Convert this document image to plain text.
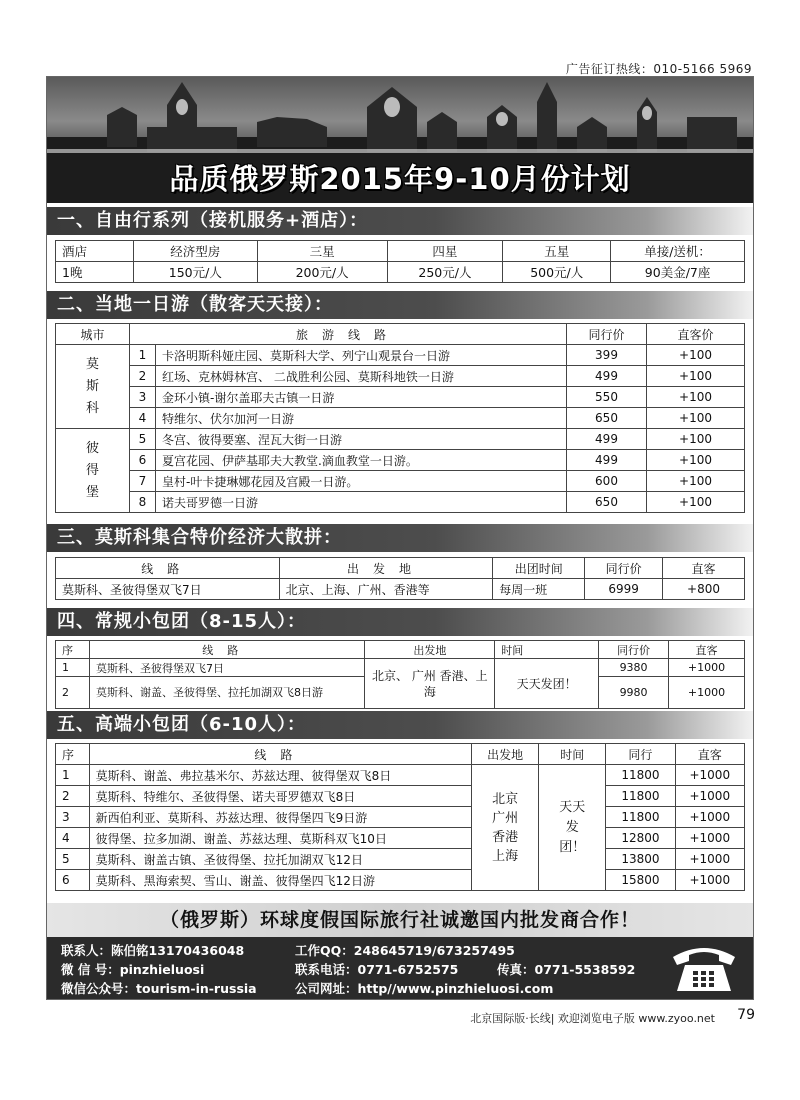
广告征订热线：010-5166 5969
品质俄罗斯2015年9-10月份计划
一、自由行系列（接机服务+酒店）：
酒店	经济型房	三星	四星	五星	单接/送机：
1晚	150元/人	200元/人	250元/人	500元/人	90美金/7座
二、当地一日游（散客天天接）：
城市	旅游线路		同行价	直客价
莫斯科	1	卡洛明斯科娅庄园、莫斯科大学、列宁山观景台一日游	399	+100
	2	红场、克林姆林宫、 二战胜利公园、莫斯科地铁一日游	499	+100
	3	金环小镇-谢尔盖耶夫古镇一日游	550	+100
	4	特维尔、伏尔加河一日游	650	+100
彼得堡	5	冬宫、彼得要塞、涅瓦大街一日游	499	+100
	6	夏宫花园、伊萨基耶夫大教堂.滴血教堂一日游。	499	+100
	7	皇村-叶卡捷琳娜花园及宫殿一日游。	600	+100
	8	诺夫哥罗德一日游	650	+100
三、莫斯科集合特价经济大散拼：
线路	出发地	出团时间	同行价	直客
莫斯科、圣彼得堡双飞7日	北京、上海、广州、香港等	每周一班	6999	+800
四、常规小包团（8-15人）：
序	线路	出发地	时间	同行价	直客
1	莫斯科、圣彼得堡双飞7日	北京、 广州 香港、上海	天天发团！	9380	+1000
2	莫斯科、谢盖、圣彼得堡、拉托加湖双飞8日游			9980	+1000
五、高端小包团（6-10人）：
序	线路	出发地	时间	同行	直客
1	莫斯科、谢盖、弗拉基米尔、苏兹达理、彼得堡双飞8日	北京 广州 香港 上海	天天发团！	11800	+1000
2	莫斯科、特维尔、圣彼得堡、诺夫哥罗德双飞8日			11800	+1000
3	新西伯利亚、莫斯科、苏兹达理、彼得堡四飞9日游			11800	+1000
4	彼得堡、拉多加湖、谢盖、苏兹达理、莫斯科双飞10日			12800	+1000
5	莫斯科、谢盖古镇、圣彼得堡、拉托加湖双飞12日			13800	+1000
6	莫斯科、黑海索契、雪山、谢盖、彼得堡四飞12日游			15800	+1000
（俄罗斯）环球度假国际旅行社诚邀国内批发商合作！
联系人：陈伯铭13170436048	工作QQ：248645719/673257495
微 信 号：pinzhieluosi	联系电话：0771-6752575	传真：0771-5538592
微信公众号：tourism-in-russia	公司网址：http//www.pinzhieluosi.com
北京国际版·长线| 欢迎浏览电子版 www.zyoo.net 79
